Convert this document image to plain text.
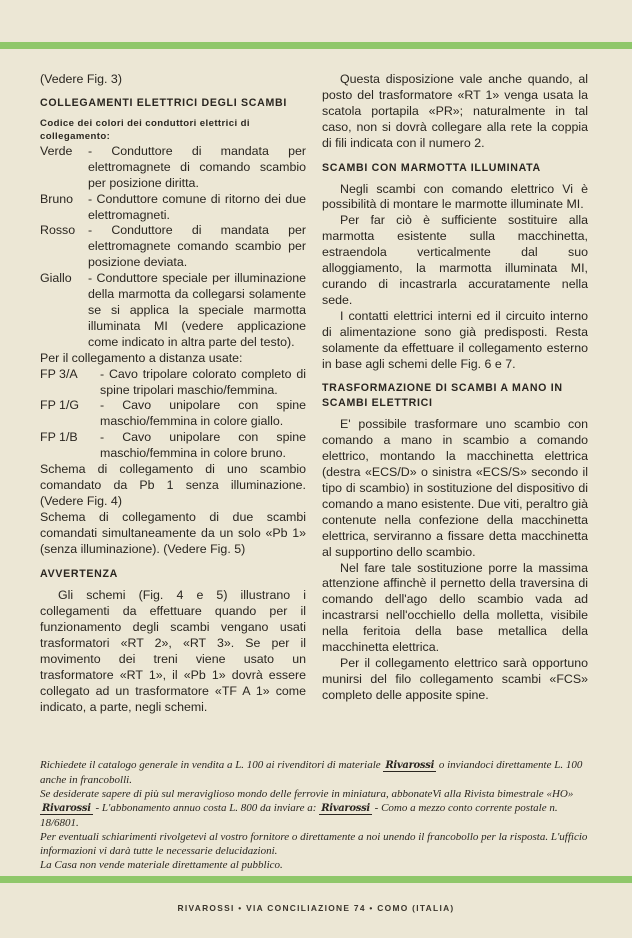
(Vedere Fig. 3)

COLLEGAMENTI ELETTRICI DEGLI SCAMBI
Codice dei colori dei conduttori elettrici di collegamento:
Verde	- Conduttore di mandata per elettromagnete di comando scambio per posizione diritta.
Bruno	- Conduttore comune di ritorno dei due elettromagneti.
Rosso	- Conduttore di mandata per elettromagnete comando scambio per posizione deviata.
Giallo	- Conduttore speciale per illuminazione della marmotta da collegarsi solamente se si applica la speciale marmotta illuminata MI (vedere applicazione come indicato in altra parte del testo).

Per il collegamento a distanza usate:

FP 3/A	- Cavo tripolare colorato completo di spine tripolari maschio/femmina.
FP 1/G	- Cavo unipolare con spine maschio/femmina in colore giallo.
FP 1/B	- Cavo unipolare con spine maschio/femmina in colore bruno.

Schema di collegamento di uno scambio comandato da Pb 1 senza illuminazione. (Vedere Fig. 4)

Schema di collegamento di due scambi comandati simultaneamente da un solo «Pb 1» (senza illuminazione). (Vedere Fig. 5)

AVVERTENZA

Gli schemi (Fig. 4 e 5) illustrano i collegamenti da effettuare quando per il funzionamento degli scambi vengano usati trasformatori «RT 2», «RT 3». Se per il movimento dei treni viene usato un trasformatore «RT 1», il «Pb 1» dovrà essere collegato ad un trasformatore «TF A 1» come indicato, a parte, negli schemi.

Questa disposizione vale anche quando, al posto del trasformatore «RT 1» venga usata la scatola portapila «PR»; naturalmente in tal caso, non si dovrà collegare alla rete la coppia di fili indicata con il numero 2.

SCAMBI CON MARMOTTA ILLUMINATA

Negli scambi con comando elettrico Vi è possibilità di montare le marmotte illuminate MI.

Per far ciò è sufficiente sostituire alla marmotta esistente sulla macchinetta, estraendola verticalmente dal suo alloggiamento, la marmotta illuminata MI, curando di incastrarla accuratamente nella sede.

I contatti elettrici interni ed il circuito interno di alimentazione sono già predisposti. Resta solamente da effettuare il collegamento esterno in base agli schemi delle Fig. 6 e 7.

TRASFORMAZIONE DI SCAMBI A MANO IN SCAMBI ELETTRICI

E' possibile trasformare uno scambio con comando a mano in scambio a comando elettrico, montando la macchinetta elettrica (destra «ECS/D» o sinistra «ECS/S» secondo il tipo di scambio) in sostituzione del dispositivo di comando a mano esistente. Due viti, peraltro già contenute nella confezione della macchinetta elettrica, serviranno a fissare detta macchinetta al supportino dello scambio.

Nel fare tale sostituzione porre la massima attenzione affinchè il pernetto della traversina di comando dell'ago dello scambio vada ad incastrarsi nell'occhiello della molletta, visibile nella feritoia della base metallica della macchinetta elettrica.

Per il collegamento elettrico sarà opportuno munirsi del filo collegamento scambi «FCS» completo delle apposite spine.

Richiedete il catalogo generale in vendita a L. 100 ai rivenditori di materiale Rivarossi o inviandoci direttamente L. 100 anche in francobolli.

Se desiderate sapere di più sul meraviglioso mondo delle ferrovie in miniatura, abbonateVi alla Rivista bimestrale «HO» Rivarossi - L'abbonamento annuo costa L. 800 da inviare a: Rivarossi - Como a mezzo conto corrente postale n. 18/6801.

Per eventuali schiarimenti rivolgetevi al vostro fornitore o direttamente a noi unendo il francobollo per la risposta. L'ufficio informazioni vi darà tutte le necessarie delucidazioni.

La Casa non vende materiale direttamente al pubblico.

RIVAROSSI • VIA CONCILIAZIONE 74 • COMO (ITALIA)
